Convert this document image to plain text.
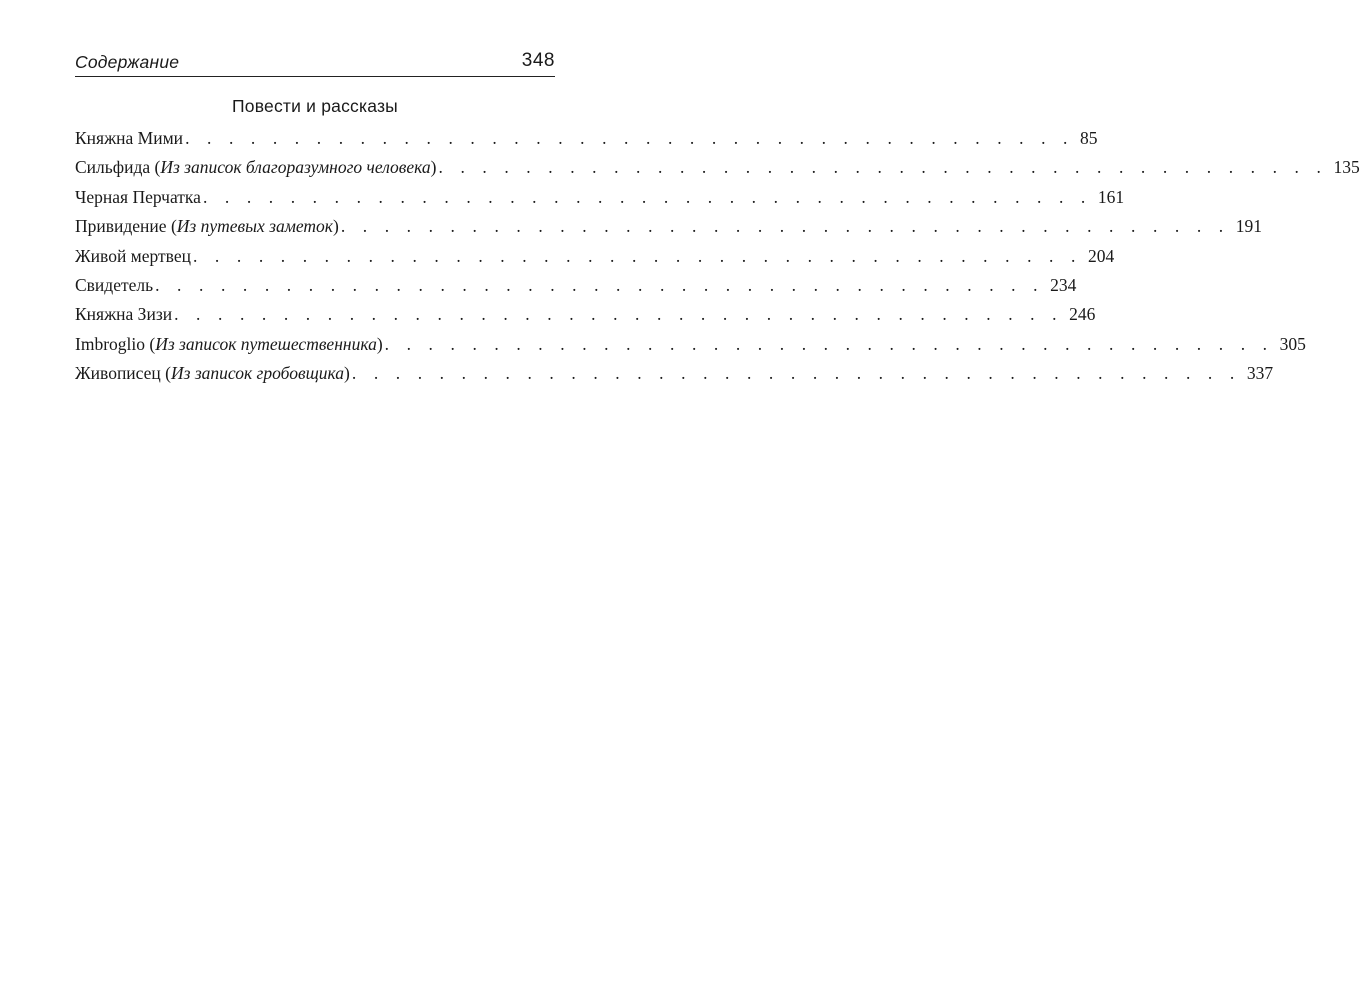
Содержание	348
Повести и рассказы
Княжна Мими . . . . . . . . . . . . . . . . . . . . . . . . . . . . . . . . . . . . . . . . . 85
Сильфида (Из записок благоразумного человека) . . . . . . . . . . . . . . . . . . . . . . . . . . . . . . . . . . . . . . . . . 135
Черная Перчатка . . . . . . . . . . . . . . . . . . . . . . . . . . . . . . . . . . . . . . . . . 161
Привидение (Из путевых заметок) . . . . . . . . . . . . . . . . . . . . . . . . . . . . . . . . . . . . . . . . . 191
Живой мертвец . . . . . . . . . . . . . . . . . . . . . . . . . . . . . . . . . . . . . . . . . 204
Свидетель . . . . . . . . . . . . . . . . . . . . . . . . . . . . . . . . . . . . . . . . . 234
Княжна Зизи . . . . . . . . . . . . . . . . . . . . . . . . . . . . . . . . . . . . . . . . . 246
Imbroglio (Из записок путешественника) . . . . . . . . . . . . . . . . . . . . . . . . . . . . . . . . . . . . . . . . . 305
Живописец (Из записок гробовщика) . . . . . . . . . . . . . . . . . . . . . . . . . . . . . . . . . . . . . . . . . 337
